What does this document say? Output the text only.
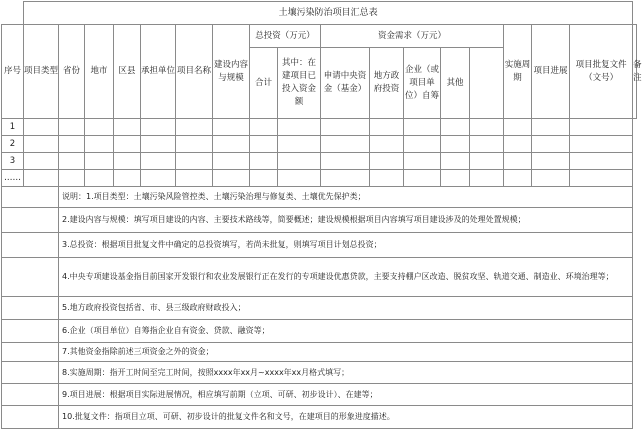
	土壤污染防治项目汇总表																	
序号	项目类型	省份	地市	区县	承担单位	项目名称	建设内容与规模	总投资（万元）		资金需求（万元）					实施周期	项目进展	项目批复文件（文号）	备注
								合计	其中：在建项目已投入资金额	申请中央资金（基金）	地方政府投资	企业（或项目单位）自筹	其他					
1																		
2																		
3																		
……																		
		说明：1.项目类型：土壤污染风险管控类、土壤污染治理与修复类、土壤优先保护类；																
		2.建设内容与规模：填写项目建设的内容、主要技术路线等，简要概述；建设规模根据项目内容填写项目建设涉及的处理处置规模；																
		3.总投资：根据项目批复文件中确定的总投资填写，若尚未批复，则填写项目计划总投资；																
		4.中央专项建设基金指目前国家开发银行和农业发展银行正在发行的专项建设优惠贷款，主要支持棚户区改造、脱贫攻坚、轨道交通、制造业、环境治理等；																
		5.地方政府投资包括省、市、县三级政府财政投入；																
		6.企业（项目单位）自筹指企业自有资金、贷款、融资等；																
		7.其他资金指除前述三项资金之外的资金；																
		8.实施周期：指开工时间至完工时间，按照xxxx年xx月~xxxx年xx月格式填写；																
		9.项目进展：根据项目实际进展情况，相应填写前期（立项、可研、初步设计）、在建等；																
		10.批复文件：指项目立项、可研、初步设计的批复文件名和文号，在建项目的形象进度描述。																
